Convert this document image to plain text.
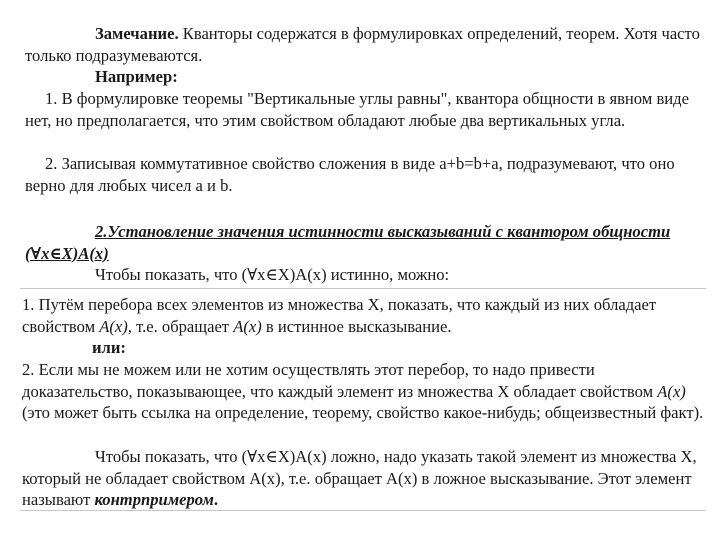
Замечание. Кванторы содержатся в формулировках определений, теорем. Хотя часто только подразумеваются.

Например:

1. В формулировке теоремы "Вертикальные углы равны", квантора общности в явном виде нет, но предполагается, что этим свойством обладают любые два вертикальных угла.

2. Записывая коммутативное свойство сложения в виде a+b=b+a, подразумевают, что оно верно для любых чисел a и b.

2.Установление значения истинности высказываний с квантором общности (∀x∈X)A(x)

Чтобы показать, что (∀x∈X)A(x) истинно, можно:

1. Путём перебора всех элементов из множества X, показать, что каждый из них обладает свойством A(x), т.е. обращает A(x) в истинное высказывание.

или:

2. Если мы не можем или не хотим осуществлять этот перебор, то надо привести доказательство, показывающее, что каждый элемент из множества X обладает свойством A(x)(это может быть ссылка на определение, теорему, свойство какое-нибудь; общеизвестный факт).

Чтобы показать, что (∀x∈X)A(x) ложно, надо указать такой элемент из множества X, который не обладает свойством A(x), т.е. обращает A(x) в ложное высказывание. Этот элемент называют контрпримером.
